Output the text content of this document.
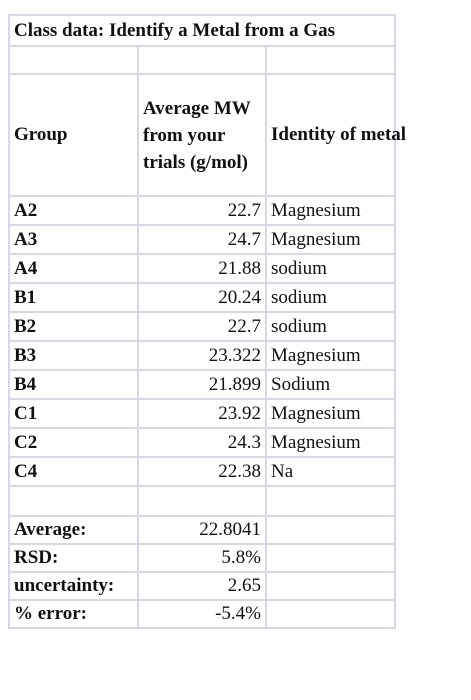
Class data: Identify a Metal from a Gas		

Group	Average MW from your trials (g/mol)	Identity of metal
A2	22.7	Magnesium
A3	24.7	Magnesium
A4	21.88	sodium
B1	20.24	sodium
B2	22.7	sodium
B3	23.322	Magnesium
B4	21.899	Sodium
C1	23.92	Magnesium
C2	24.3	Magnesium
C4	22.38	Na

Average:	22.8041	
RSD:	5.8%	
uncertainty:	2.65	
% error:	-5.4%	
